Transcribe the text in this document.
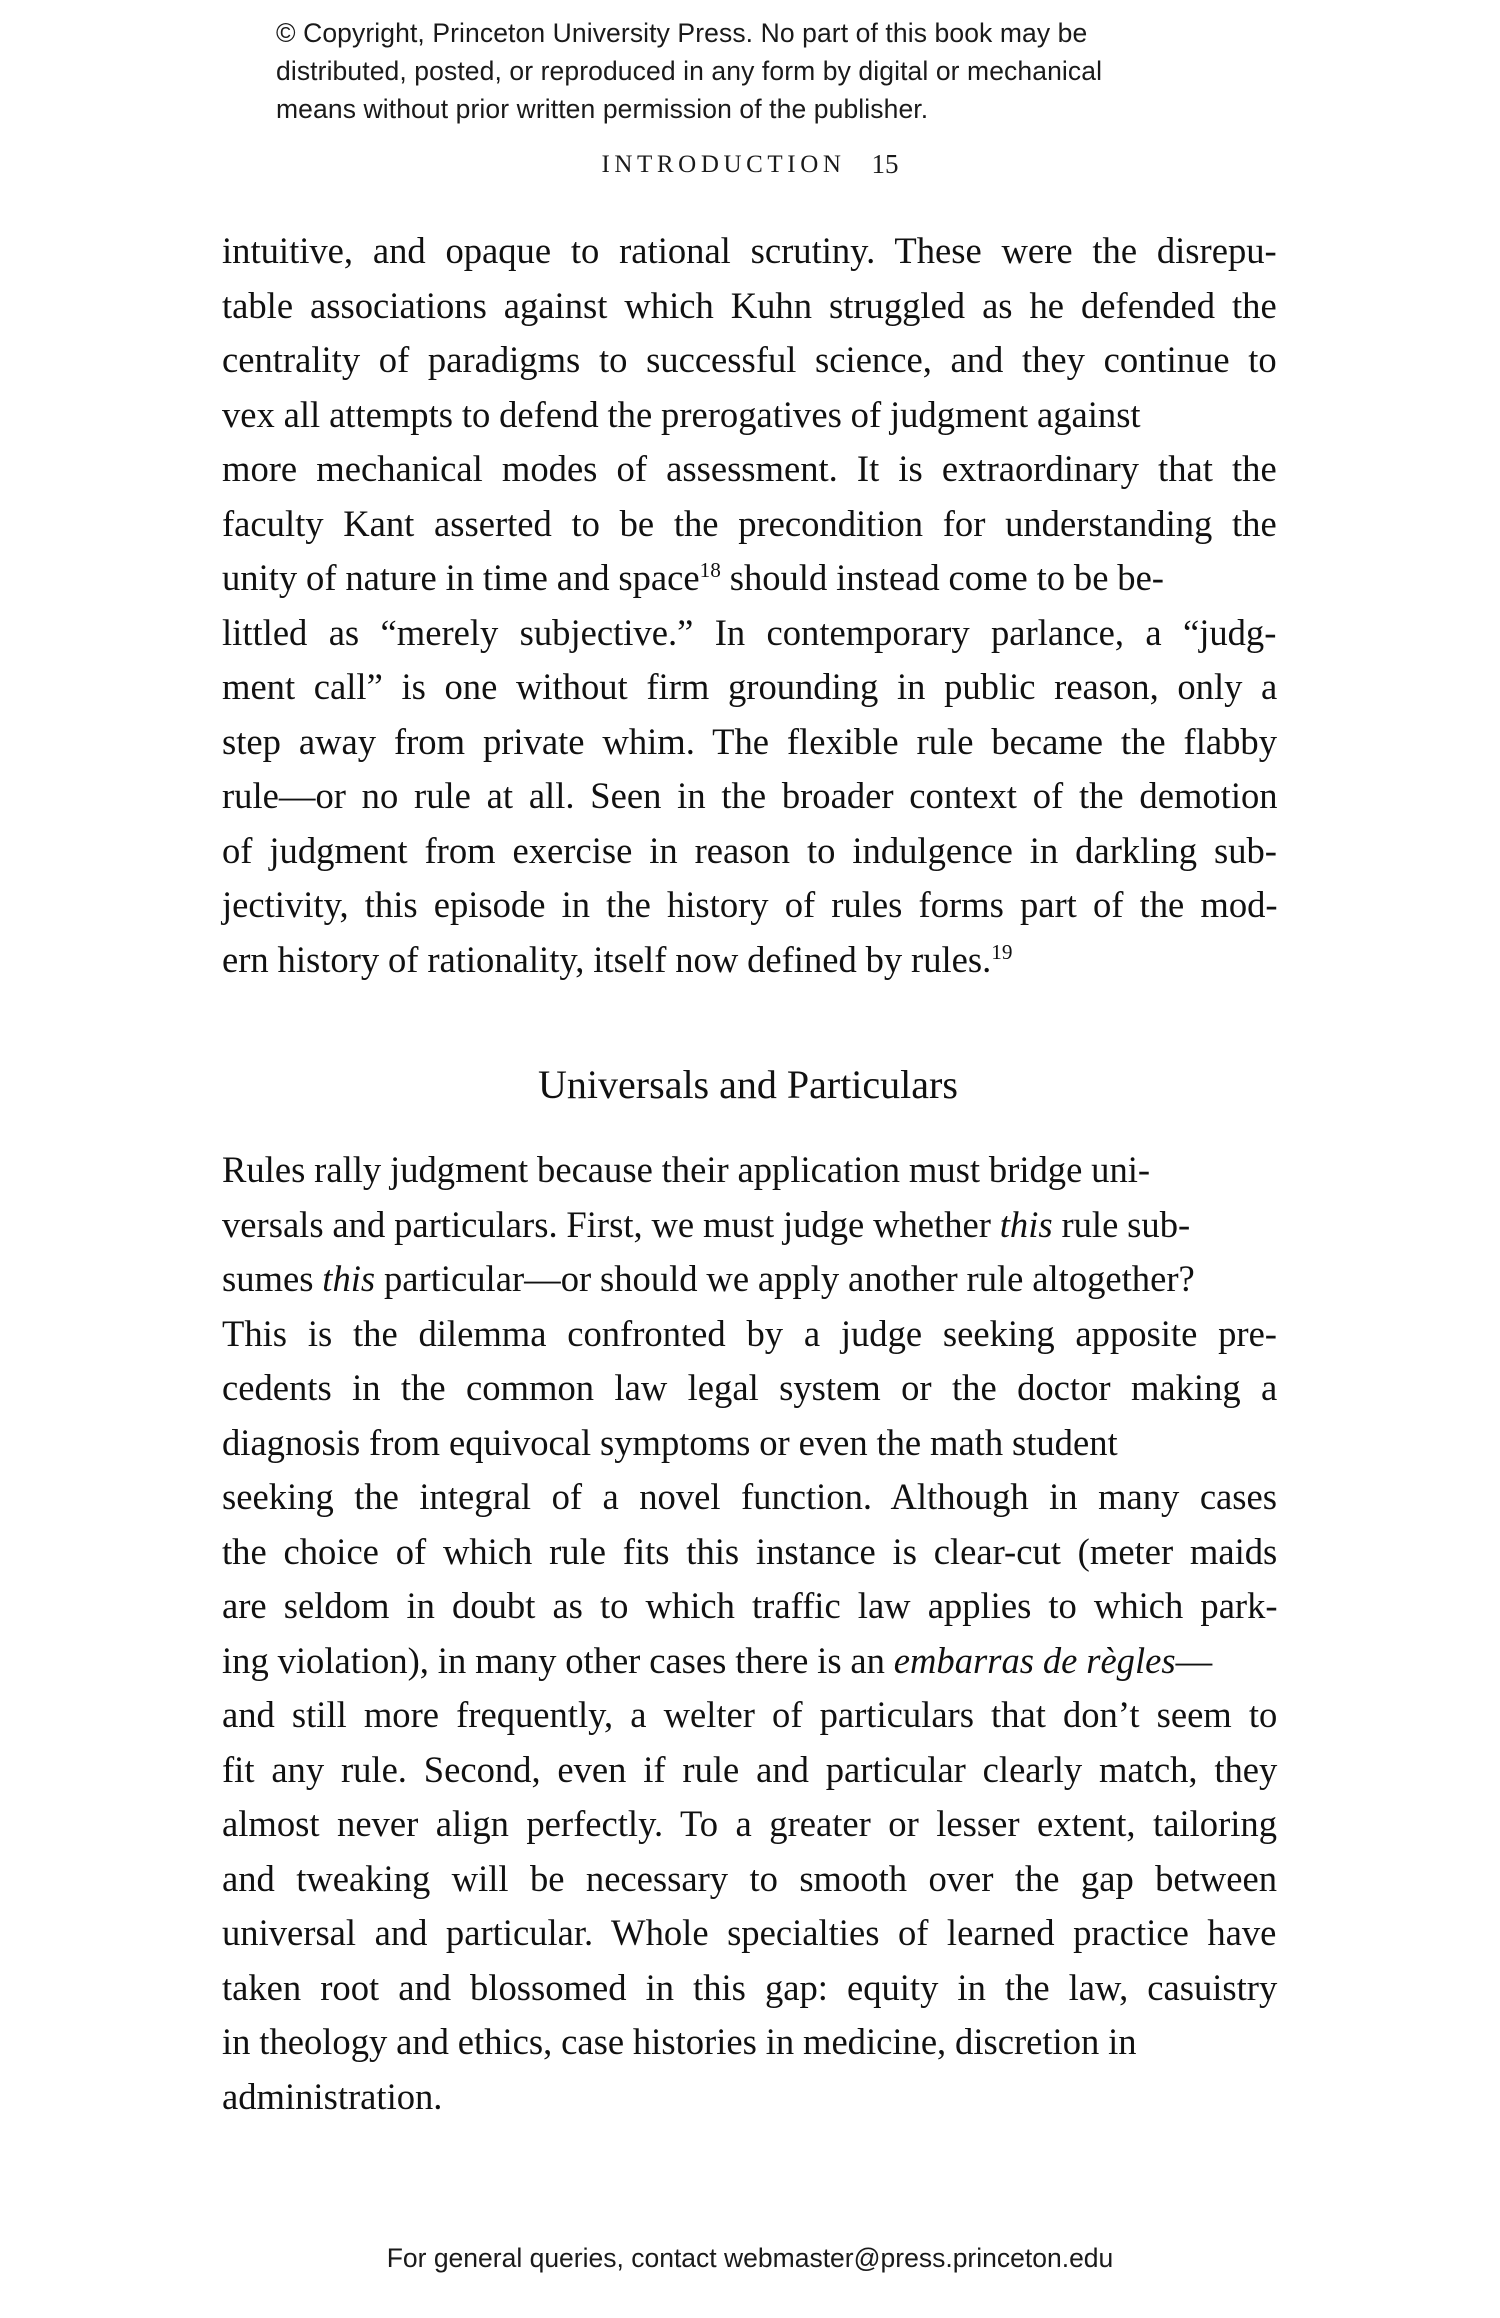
© Copyright, Princeton University Press. No part of this book may be
distributed, posted, or reproduced in any form by digital or mechanical
means without prior written permission of the publisher.
INTRODUCTION 15

intuitive, and opaque to rational scrutiny. These were the disrepu-
table associations against which Kuhn struggled as he defended the
centrality of paradigms to successful science, and they continue to
vex all attempts to defend the prerogatives of judgment against
more mechanical modes of assessment. It is extraordinary that the
faculty Kant asserted to be the precondition for understanding the
unity of nature in time and space$^{18}$ should instead come to be be-
littled as “merely subjective.” In contemporary parlance, a “judg-
ment call” is one without firm grounding in public reason, only a
step away from private whim. The flexible rule became the flabby
rule—or no rule at all. Seen in the broader context of the demotion
of judgment from exercise in reason to indulgence in darkling sub-
jectivity, this episode in the history of rules forms part of the mod-
ern history of rationality, itself now defined by rules.$^{19}$

Universals and Particulars

Rules rally judgment because their application must bridge uni-
versals and particulars. First, we must judge whether this rule sub-
sumes this particular—or should we apply another rule altogether?
This is the dilemma confronted by a judge seeking apposite pre-
cedents in the common law legal system or the doctor making a
diagnosis from equivocal symptoms or even the math student
seeking the integral of a novel function. Although in many cases
the choice of which rule fits this instance is clear-cut (meter maids
are seldom in doubt as to which traffic law applies to which park-
ing violation), in many other cases there is an embarras de règles—
and still more frequently, a welter of particulars that don’t seem to
fit any rule. Second, even if rule and particular clearly match, they
almost never align perfectly. To a greater or lesser extent, tailoring
and tweaking will be necessary to smooth over the gap between
universal and particular. Whole specialties of learned practice have
taken root and blossomed in this gap: equity in the law, casuistry
in theology and ethics, case histories in medicine, discretion in
administration.

For general queries, contact webmaster@press.princeton.edu
